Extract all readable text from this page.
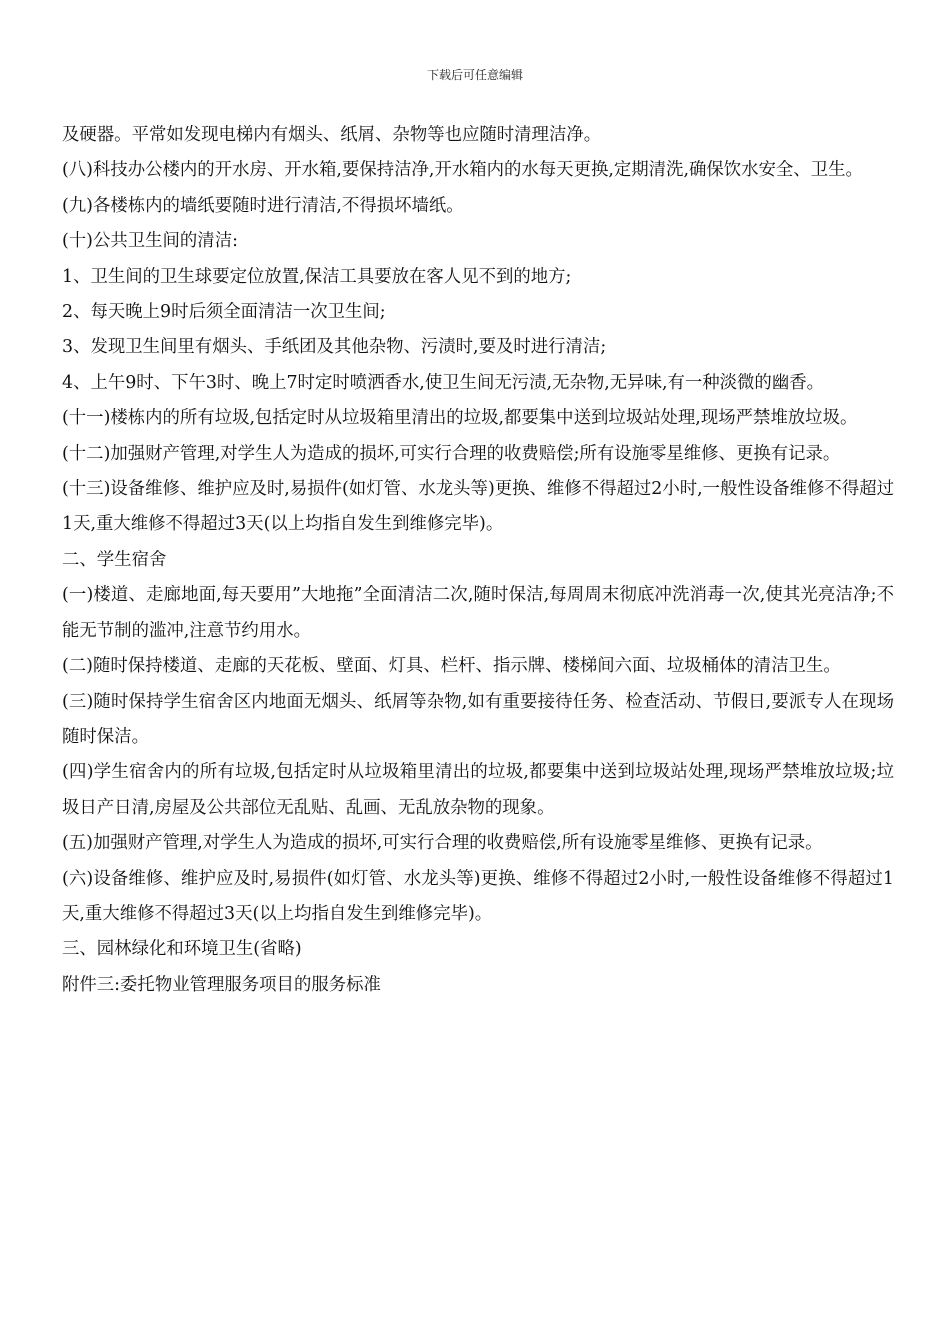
下载后可任意编辑

及硬器。平常如发现电梯内有烟头、纸屑、杂物等也应随时清理洁净。

(八)科技办公楼内的开水房、开水箱,要保持洁净,开水箱内的水每天更换,定期清洗,确保饮水安全、卫生。

(九)各楼栋内的墙纸要随时进行清洁,不得损坏墙纸。

(十)公共卫生间的清洁:

1、卫生间的卫生球要定位放置,保洁工具要放在客人见不到的地方;

2、每天晚上9时后须全面清洁一次卫生间;

3、发现卫生间里有烟头、手纸团及其他杂物、污渍时,要及时进行清洁;

4、上午9时、下午3时、晚上7时定时喷洒香水,使卫生间无污渍,无杂物,无异味,有一种淡微的幽香。

(十一)楼栋内的所有垃圾,包括定时从垃圾箱里清出的垃圾,都要集中送到垃圾站处理,现场严禁堆放垃圾。

(十二)加强财产管理,对学生人为造成的损坏,可实行合理的收费赔偿;所有设施零星维修、更换有记录。

(十三)设备维修、维护应及时,易损件(如灯管、水龙头等)更换、维修不得超过2小时,一般性设备维修不得超过1天,重大维修不得超过3天(以上均指自发生到维修完毕)。

二、学生宿舍

(一)楼道、走廊地面,每天要用”大地拖”全面清洁二次,随时保洁,每周周末彻底冲洗消毒一次,使其光亮洁净;不能无节制的滥冲,注意节约用水。

(二)随时保持楼道、走廊的天花板、壁面、灯具、栏杆、指示牌、楼梯间六面、垃圾桶体的清洁卫生。

(三)随时保持学生宿舍区内地面无烟头、纸屑等杂物,如有重要接待任务、检查活动、节假日,要派专人在现场随时保洁。

(四)学生宿舍内的所有垃圾,包括定时从垃圾箱里清出的垃圾,都要集中送到垃圾站处理,现场严禁堆放垃圾;垃圾日产日清,房屋及公共部位无乱贴、乱画、无乱放杂物的现象。

(五)加强财产管理,对学生人为造成的损坏,可实行合理的收费赔偿,所有设施零星维修、更换有记录。

(六)设备维修、维护应及时,易损件(如灯管、水龙头等)更换、维修不得超过2小时,一般性设备维修不得超过1天,重大维修不得超过3天(以上均指自发生到维修完毕)。

三、园林绿化和环境卫生(省略)

附件三:委托物业管理服务项目的服务标准
